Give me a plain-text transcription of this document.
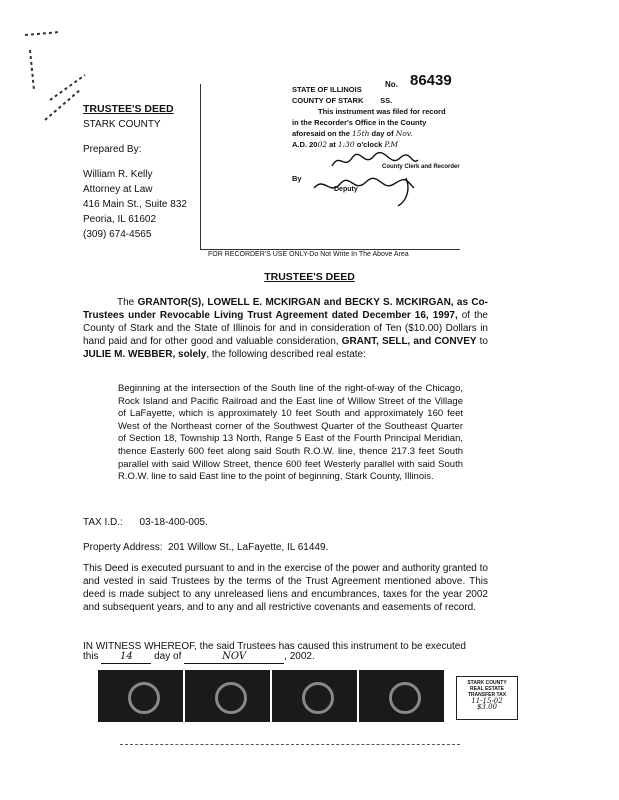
TRUSTEE'S DEED
STARK COUNTY
Prepared By:
William R. Kelly
Attorney at Law
416 Main St., Suite 832
Peoria, IL 61602
(309) 674-4565
86439
No.
STATE OF ILLINOIS
COUNTY OF STARK SS.
This instrument was filed for record
in the Recorder's Office in the County
aforesaid on the 15th day of Nov.
A.D. 2002 at 1:30 o'clock P.M
County Clerk and Recorder
By
Deputy
FOR RECORDER'S USE ONLY-Do Not Write In The Above Area
TRUSTEE'S DEED
The GRANTOR(S), LOWELL E. MCKIRGAN and BECKY S. MCKIRGAN, as Co-Trustees under Revocable Living Trust Agreement dated December 16, 1997, of the County of Stark and the State of Illinois for and in consideration of Ten ($10.00) Dollars in hand paid and for other good and valuable consideration, GRANT, SELL, and CONVEY to JULIE M. WEBBER, solely, the following described real estate:
Beginning at the intersection of the South line of the right-of-way of the Chicago, Rock Island and Pacific Railroad and the East line of Willow Street of the Village of LaFayette, which is approximately 10 feet South and approximately 160 feet West of the Northeast corner of the Southwest Quarter of the Southeast Quarter of Section 18, Township 13 North, Range 5 East of the Fourth Principal Meridian, thence Easterly 600 feet along said South R.O.W. line, thence 217.3 feet South parallel with said Willow Street, thence 600 feet Westerly parallel with said South R.O.W. line to said East line to the point of beginning, Stark County, Illinois.
TAX I.D.: 03-18-400-005.
Property Address: 201 Willow St., LaFayette, IL 61449.
This Deed is executed pursuant to and in the exercise of the power and authority granted to and vested in said Trustees by the terms of the Trust Agreement mentioned above. This deed is made subject to any unreleased liens and encumbrances, taxes for the year 2002 and subsequent years, and to any and all restrictive covenants and easements of record.
IN WITNESS WHEREOF, the said Trustees has caused this instrument to be executed
this 14 day of	NOV	, 2002.
STARK COUNTY
REAL ESTATE
TRANSFER TAX
11-15-02
$3.00
